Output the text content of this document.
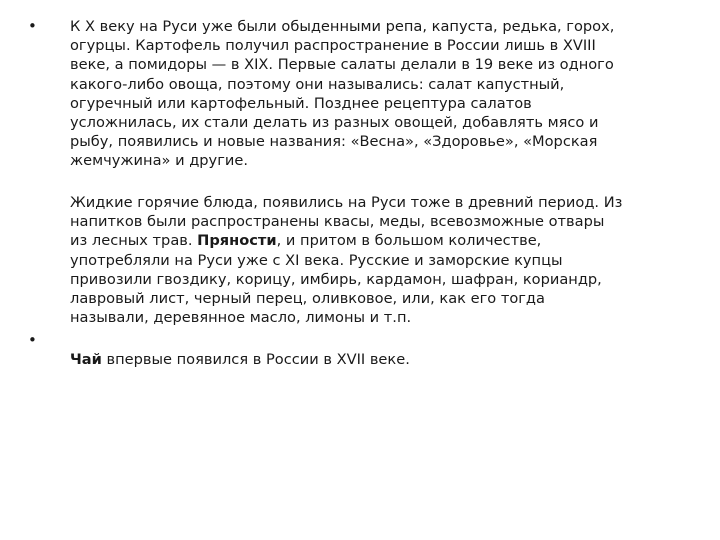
• К X веку на Руси уже были обыденными репа, капуста, редька, горох,
огурцы. Картофель получил распространение в России лишь в XVIII
веке, а помидоры — в XIX. Первые салаты делали в 19 веке из одного
какого-либо овоща, поэтому они назывались: салат капустный,
огуречный или картофельный. Позднее рецептура салатов
усложнилась, их стали делать из разных овощей, добавлять мясо и
рыбу, появились и новые названия: «Весна», «Здоровье», «Морская
жемчужина» и другие.
Жидкие горячие блюда, появились на Руси тоже в древний период. Из
напитков были распространены квасы, меды, всевозможные отвары
из лесных трав. Пряности, и притом в большом количестве,
употребляли на Руси уже с XI века. Русские и заморские купцы
привозили гвоздику, корицу, имбирь, кардамон, шафран, кориандр,
лавровый лист, черный перец, оливковое, или, как его тогда
называли, деревянное масло, лимоны и т.п.
•
Чай впервые появился в России в XVII веке.
